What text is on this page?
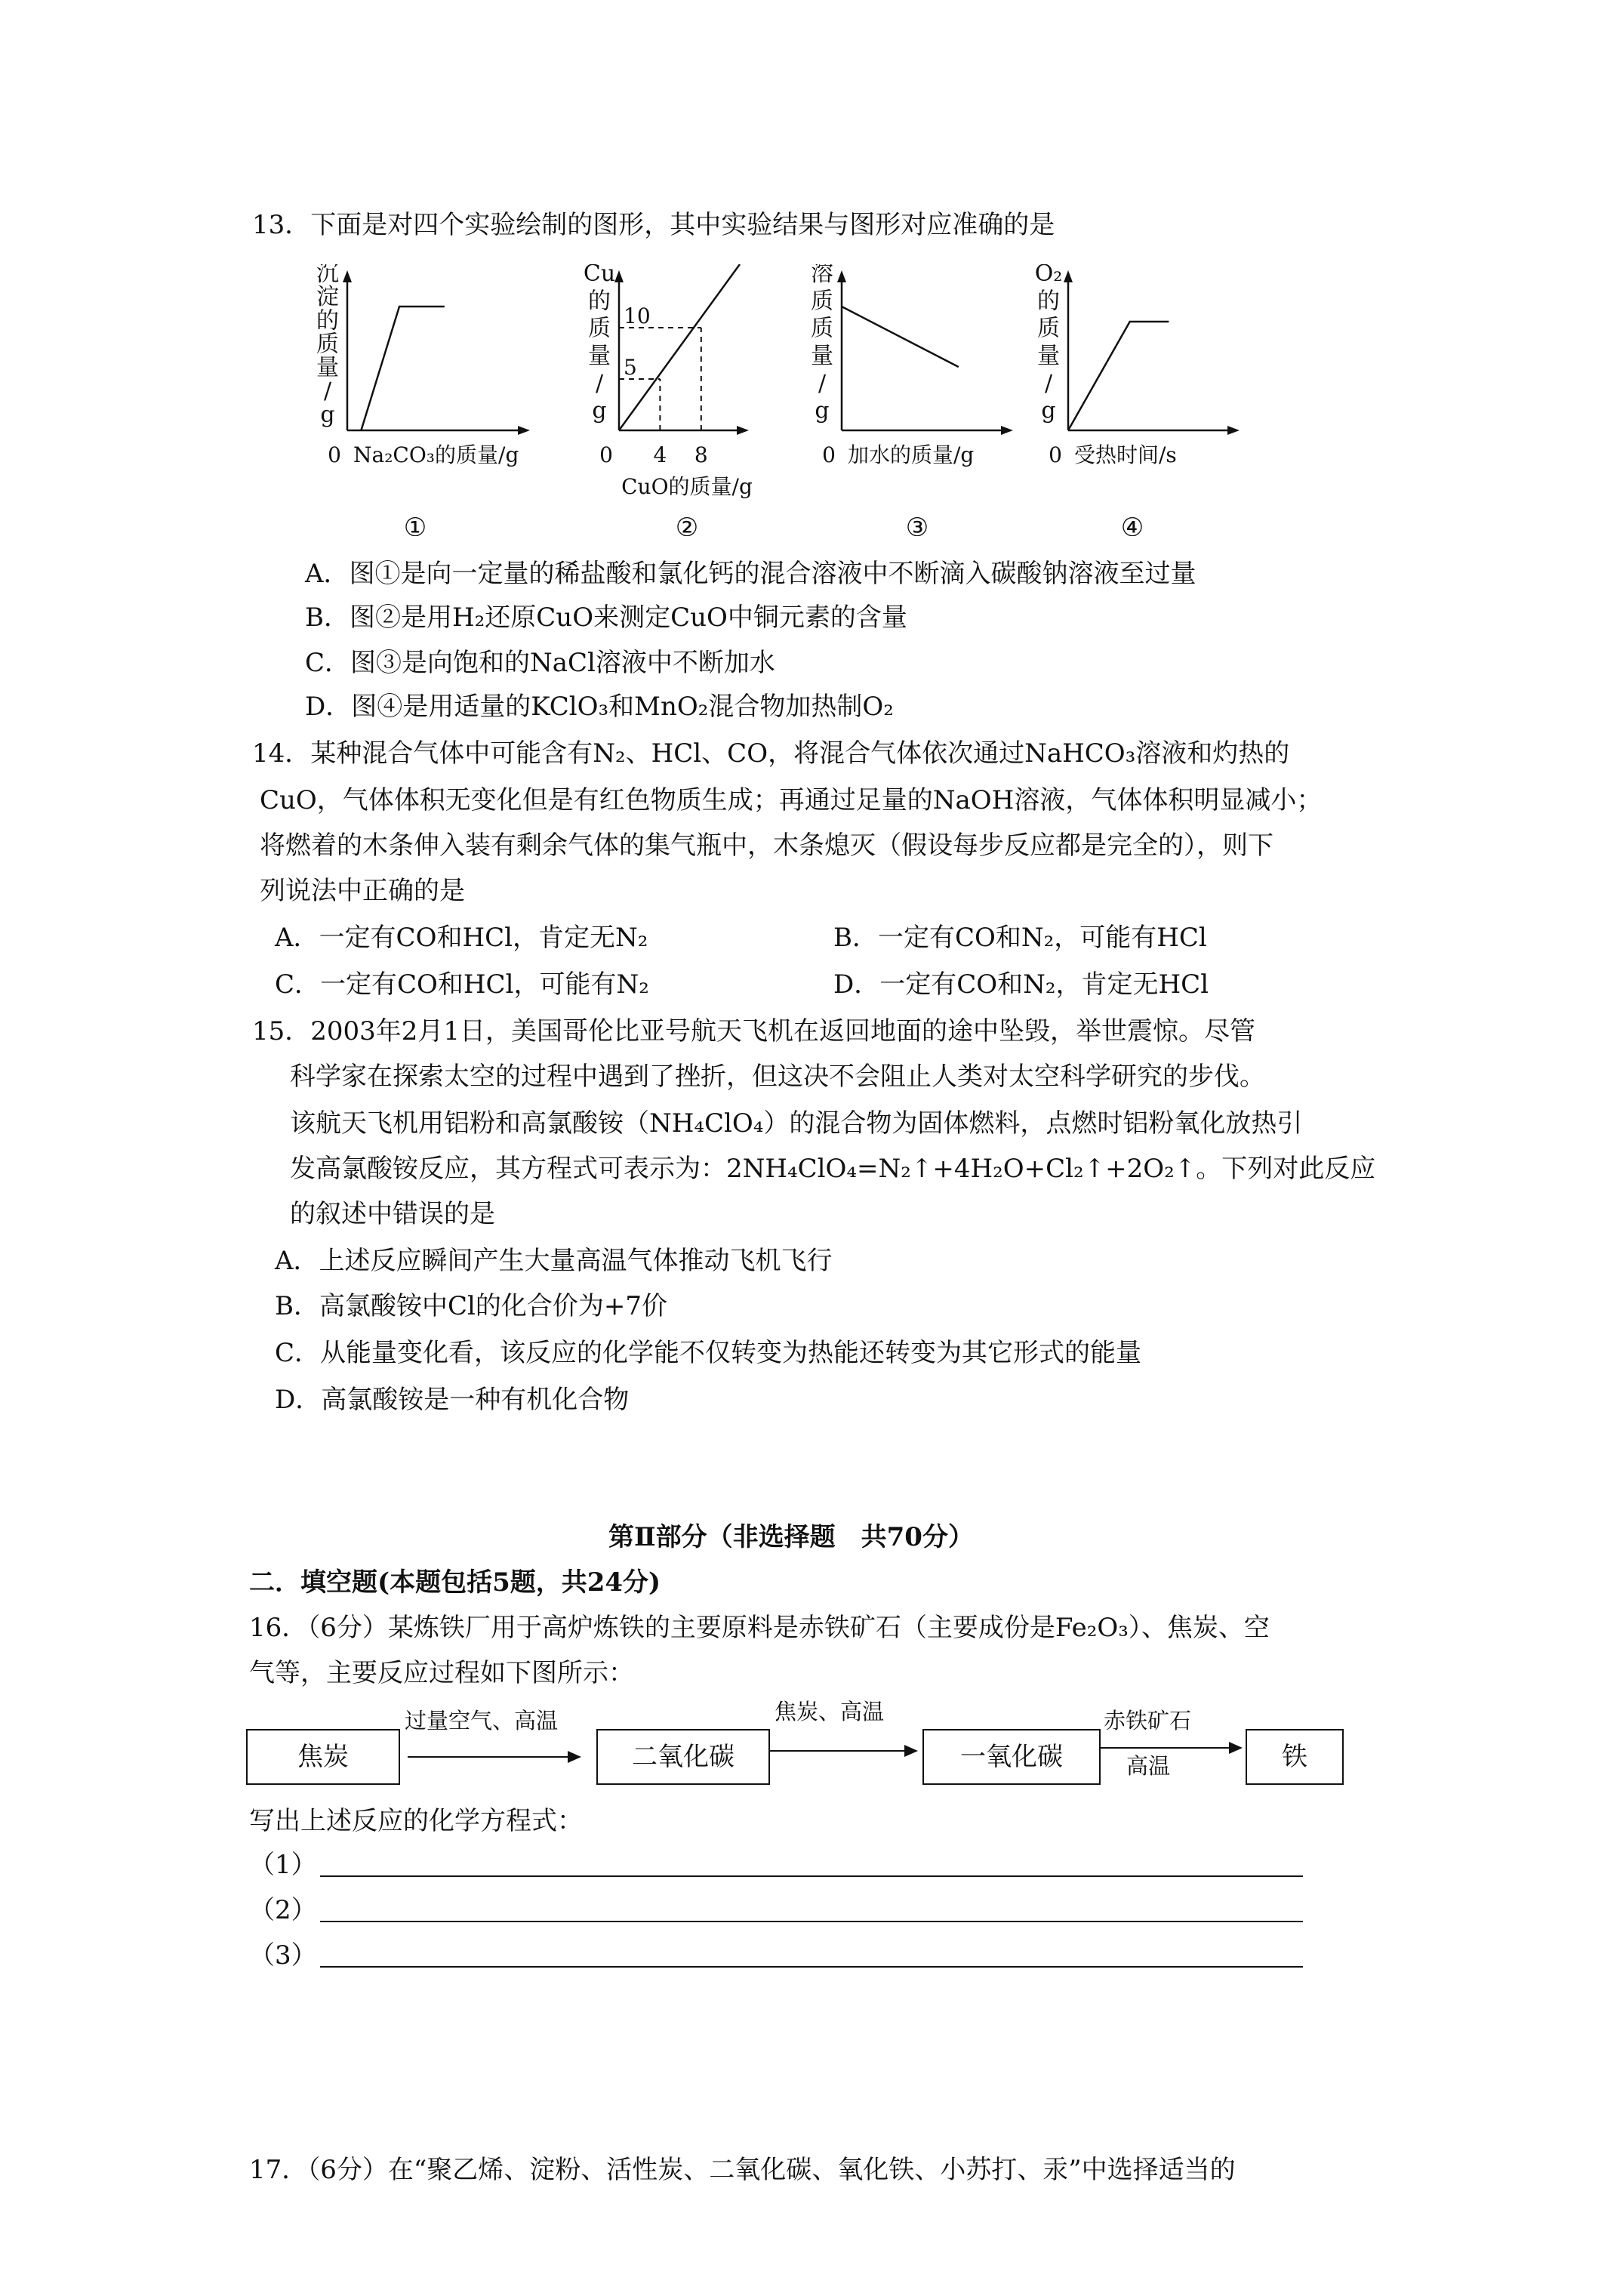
13．下面是对四个实验绘制的图形，其中实验结果与图形对应准确的是
沉
淀
的
质
量
/
g
0 Na₂CO₃的质量/g
①
Cu
的
质
量
/
g
0
CuO的质量/g
4 8
5
10
②
溶
质
质
量
/
g
0 加水的质量/g
③
O₂
的
质
量
/
g
0 受热时间/s
④
A．图①是向一定量的稀盐酸和氯化钙的混合溶液中不断滴入碳酸钠溶液至过量
B．图②是用H₂还原CuO来测定CuO中铜元素的含量
C．图③是向饱和的NaCl溶液中不断加水
D．图④是用适量的KClO₃和MnO₂混合物加热制O₂
14．某种混合气体中可能含有N₂、HCl、CO，将混合气体依次通过NaHCO₃溶液和灼热的
CuO，气体体积无变化但是有红色物质生成；再通过足量的NaOH溶液，气体体积明显减小；
将燃着的木条伸入装有剩余气体的集气瓶中，木条熄灭（假设每步反应都是完全的），则下
列说法中正确的是
A．一定有CO和HCl，肯定无N₂	B．一定有CO和N₂，可能有HCl
C．一定有CO和HCl，可能有N₂	D．一定有CO和N₂，肯定无HCl
15．2003年2月1日，美国哥伦比亚号航天飞机在返回地面的途中坠毁，举世震惊。尽管
科学家在探索太空的过程中遇到了挫折，但这决不会阻止人类对太空科学研究的步伐。
该航天飞机用铝粉和高氯酸铵（NH₄ClO₄）的混合物为固体燃料，点燃时铝粉氧化放热引
发高氯酸铵反应，其方程式可表示为：2NH₄ClO₄=N₂↑+4H₂O+Cl₂↑+2O₂↑。下列对此反应
的叙述中错误的是
A．上述反应瞬间产生大量高温气体推动飞机飞行
B．高氯酸铵中Cl的化合价为+7价
C．从能量变化看，该反应的化学能不仅转变为热能还转变为其它形式的能量
D．高氯酸铵是一种有机化合物
第Ⅱ部分（非选择题　共70分）
二．填空题(本题包括5题，共24分)
16．（6分）某炼铁厂用于高炉炼铁的主要原料是赤铁矿石（主要成份是Fe₂O₃）、焦炭、空
气等，主要反应过程如下图所示：
焦炭
过量空气、高温
二氧化碳
焦炭、高温
一氧化碳
赤铁矿石
高温	铁
写出上述反应的化学方程式：
（1）
（2）
（3）
17．（6分）在“聚乙烯、淀粉、活性炭、二氧化碳、氧化铁、小苏打、汞”中选择适当的
